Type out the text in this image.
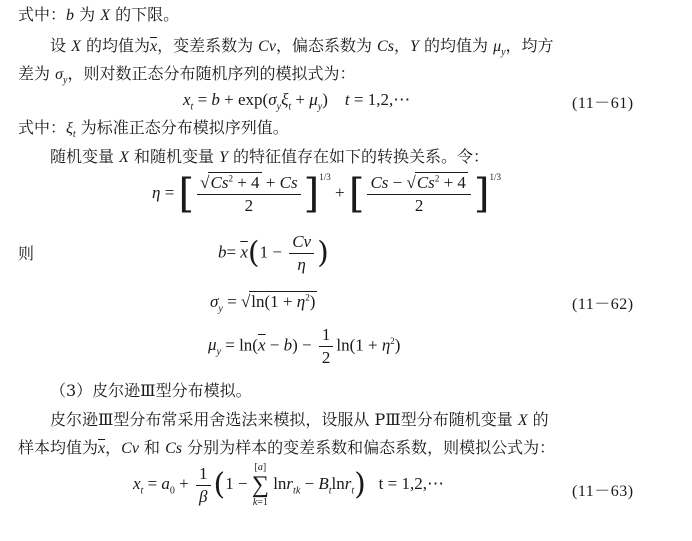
式中：b 为 X 的下限。
设 X 的均值为$\overline{x}$，变差系数为 Cv，偏态系数为 Cs，Y 的均值为 $\mu_y$，均方
差为 $\sigma_y$，则对数正态分布随机序列的模拟式为：
$x_t = b + \exp(\sigma_y\xi_t + \mu_y)$    t = 1,2,⋯	(11－61)
式中：$\xi_t$ 为标准正态分布模拟序列值。
随机变量 X 和随机变量 Y 的特征值存在如下的转换关系。令：
η = [ $\frac{√Cs^2 + 4 + Cs}{2} ]^{1/3}$ + [ $\frac{Cs - √Cs^2 + 4}{2} ]^{1/3}$
则	$b= \overline{x}(1 - \frac{Cv}{\eta}$ )
$\sigma_y = √\ln(1 + \eta^2)$	(11－62)
$\mu_y = \ln(\overline{x} - b) - \frac{1}{2} \ln(1 + \eta^2)$
（3）皮尔逊Ⅲ型分布模拟。
皮尔逊Ⅲ型分布常采用舍选法来模拟，设服从 PⅢ型分布随机变量 X 的
样本均值为$\overline{x}$，Cv 和 Cs 分别为样本的变差系数和偏态系数，则模拟公式为：
$x_t = a_0 + \frac{1}{\beta} (1$ −
[a]
∑
k=1
$\ln r_{tk} - B_t\ln r_t$) t = 1,2,⋯	(11－63)
